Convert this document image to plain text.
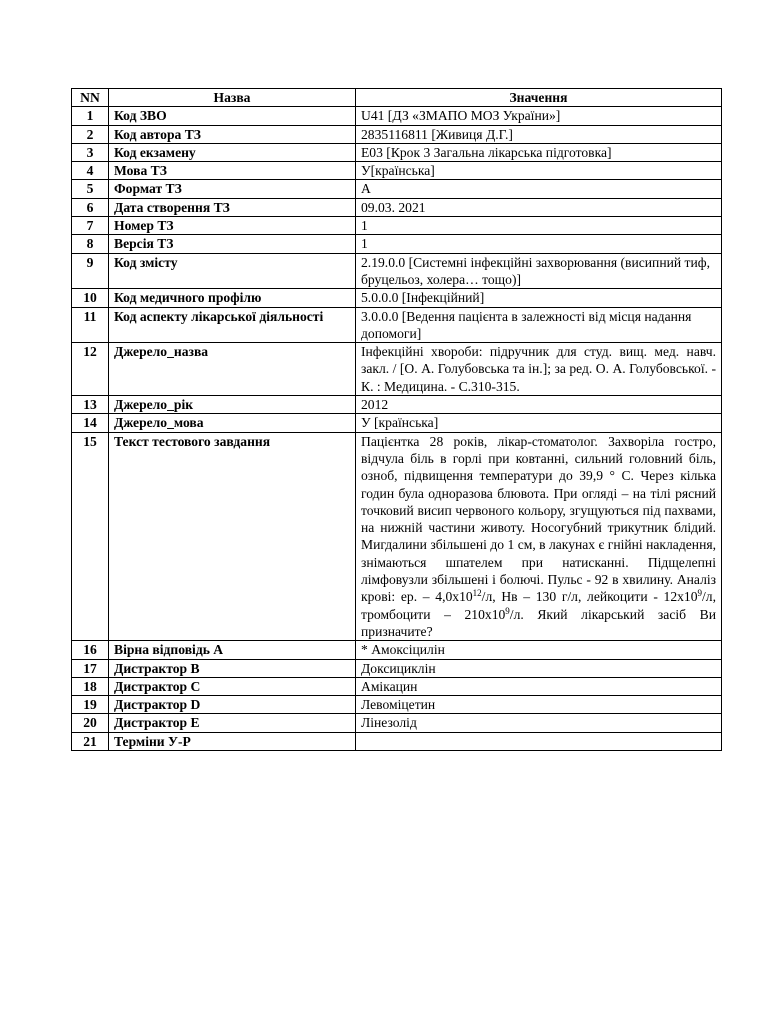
NN	Назва	Значення
1	Код ЗВО	U41 [ДЗ «ЗМАПО МОЗ України»]
2	Код автора ТЗ	2835116811 [Живиця Д.Г.]
3	Код екзамену	E03 [Крок 3 Загальна лікарська підготовка]
4	Мова ТЗ	У[країнська]
5	Формат ТЗ	A
6	Дата створення ТЗ	09.03. 2021
7	Номер ТЗ	1
8	Версія ТЗ	1
9	Код змісту	2.19.0.0 [Системні інфекційні захворювання (висипний тиф, бруцельоз, холера… тощо)]
10	Код медичного профілю	5.0.0.0 [Інфекційний]
11	Код аспекту лікарської діяльності	3.0.0.0 [Ведення пацієнта в залежності від місця надання допомоги]
12	Джерело_назва	Інфекційні хвороби: підручник для студ. вищ. мед. навч. закл. / [О. А. Голубовська та ін.]; за ред. О. А. Голубовської. - К. : Медицина. - С.310-315.
13	Джерело_рік	2012
14	Джерело_мова	У [країнська]
15	Текст тестового завдання	Пацієнтка 28 років, лікар-стоматолог. Захворіла гостро, відчула біль в горлі при ковтанні, сильний головний біль, озноб, підвищення температури до 39,9 ° С. Через кілька годин була одноразова блювота. При огляді – на тілі рясний точковий висип червоного кольору, згущуються під пахвами, на нижній частини животу. Носогубний трикутник блідий. Мигдалини збільшені до 1 см, в лакунах є гнійні накладення, знімаються шпателем при натисканні. Підщелепні лімфовузли збільшені і болючі. Пульс - 92 в хвилину. Аналіз крові: ер. – $4,0х10^{12}/л$, Нв – 130 г/л, лейкоцити - $12х10^9/л$, тромбоцити – $210х10^9/л$. Який лікарський засіб Ви призначите?
16	Вірна відповідь А	* Амоксіцилін
17	Дистрактор В	Доксициклін
18	Дистрактор С	Амікацин
19	Дистрактор D	Левоміцетин
20	Дистрактор Е	Лінезолід
21	Терміни У-Р	
